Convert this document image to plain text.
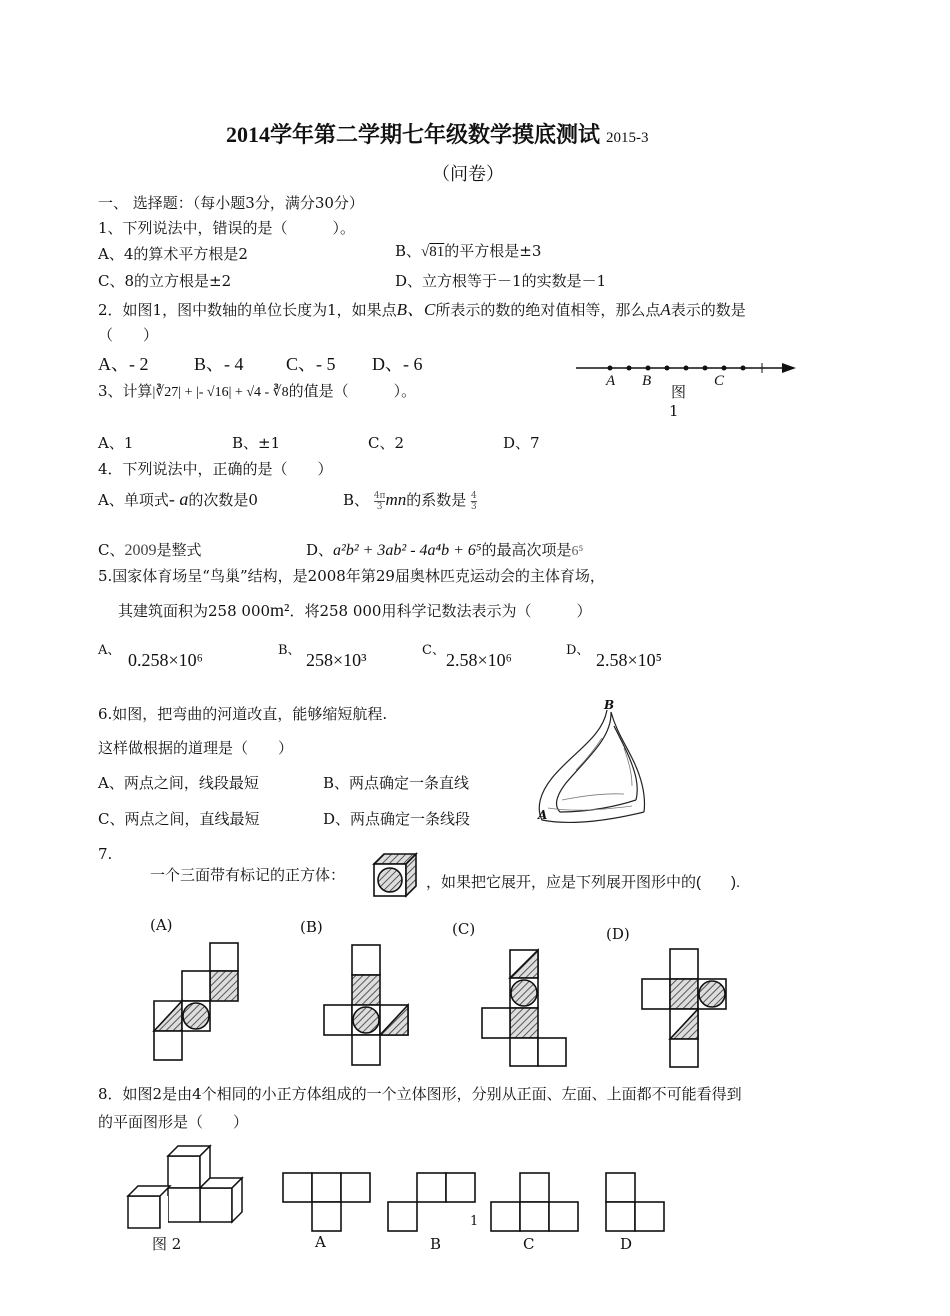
2014学年第二学期七年级数学摸底测试 2015-3
（问卷）
一、 选择题：（每小题3分，满分30分）
1、下列说法中，错误的是（　　　）。
A、4的算术平方根是2	B、√81的平方根是±3
C、8的立方根是±2	D、立方根等于－1的实数是－1
2．如图1，图中数轴的单位长度为1，如果点B、C所表示的数的绝对值相等，那么点A表示的数是
（　　）
A、- 2	B、- 4 C、- 5 D、- 6
A B	C
图
1
3、计算|∛27| + |- √16| + √4 - ∛8的值是（　　　）。
A、1	B、±1	C、2	D、7
4．下列说法中，正确的是（　　）
A、单项式- a的次数是0	B、 $\frac{4\pi}{3}$ mn的系数是 $\frac{4}{3}$
C、2009是整式	D、a²b² + 3ab² - 4a⁴b + 6⁵的最高次项是6⁵
5.国家体育场呈“鸟巢”结构，是2008年第29届奥林匹克运动会的主体育场，
其建筑面积为258 000m²．将258 000用科学记数法表示为（　　　）
A、	B、	C、	D、
0.258×10⁶	258×10³	2.58×10⁶	2.58×10⁵
6.如图，把弯曲的河道改直，能够缩短航程.
这样做根据的道理是（　　）
A、两点之间，线段最短	B、两点确定一条直线
C、两点之间，直线最短	D、两点确定一条线段
B
A
7.
一个三面带有标记的正方体：	，如果把它展开，应是下列展开图形中的(　　).
(A)	(B)	(C)	(D)
8．如图2是由4个相同的小正方体组成的一个立体图形，分别从正面、左面、上面都不可能看得到
的平面图形是（　　）
图 2	A	B
1
C	D
